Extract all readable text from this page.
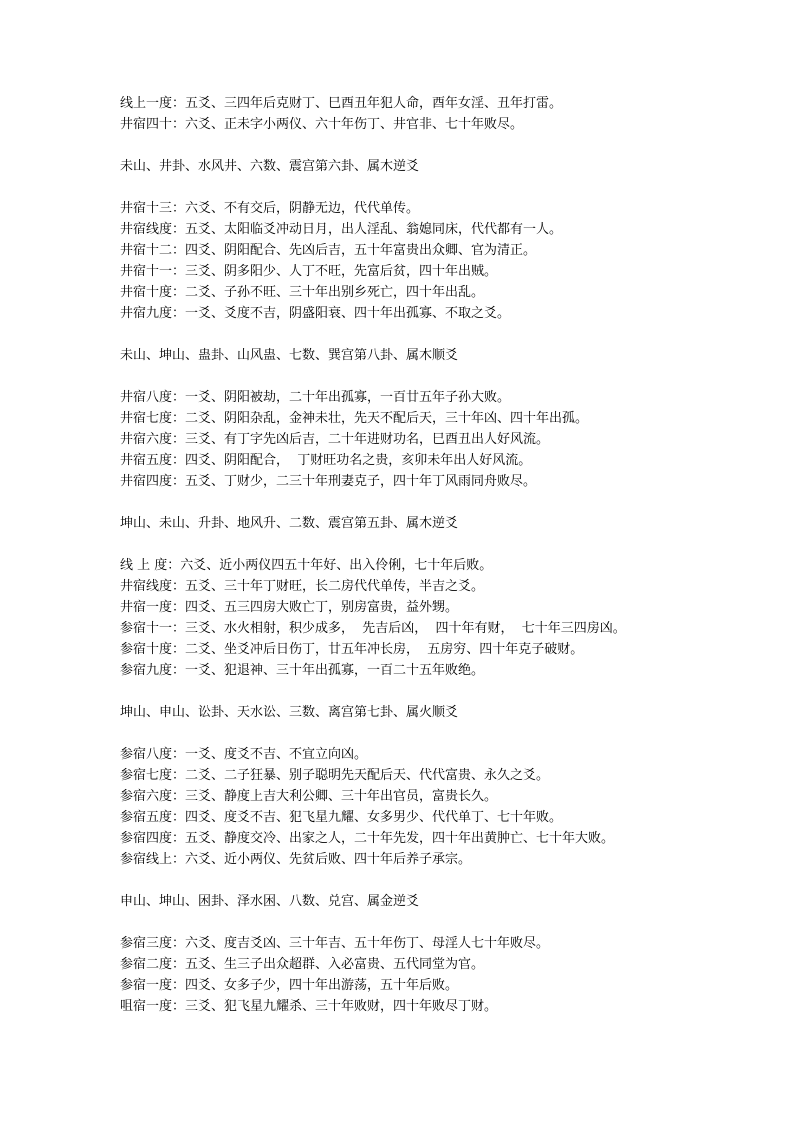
线上一度：五爻、三四年后克财丁、巳酉丑年犯人命，酉年女淫、丑年打雷。
井宿四十：六爻、正未字小两仪、六十年伤丁、井官非、七十年败尽。
未山、井卦、水风井、六数、震宫第六卦、属木逆爻
井宿十三：六爻、不有交后，阴静无边，代代单传。
井宿线度：五爻、太阳临爻冲动日月，出人淫乱、翁媳同床，代代都有一人。
井宿十二：四爻、阴阳配合、先凶后吉，五十年富贵出众卿、官为清正。
井宿十一：三爻、阴多阳少、人丁不旺，先富后贫，四十年出贼。
井宿十度：二爻、子孙不旺、三十年出别乡死亡，四十年出乱。
井宿九度：一爻、爻度不吉，阴盛阳衰、四十年出孤寡、不取之爻。
未山、坤山、蛊卦、山风蛊、七数、巽宫第八卦、属木顺爻
井宿八度：一爻、阴阳被劫，二十年出孤寡，一百廿五年子孙大败。
井宿七度：二爻、阴阳杂乱，金神未壮，先天不配后天，三十年凶、四十年出孤。
井宿六度：三爻、有丁字先凶后吉，二十年进财功名，巳酉丑出人好风流。
井宿五度：四爻、阴阳配合，  丁财旺功名之贵，亥卯未年出人好风流。
井宿四度：五爻、丁财少，二三十年刑妻克子，四十年丁风雨同舟败尽。
坤山、未山、升卦、地风升、二数、震宫第五卦、属木逆爻
线 上 度：六爻、近小两仪四五十年好、出入伶俐，七十年后败。
井宿线度：五爻、三十年丁财旺，长二房代代单传，半吉之爻。
井宿一度：四爻、五三四房大败亡丁，别房富贵，益外甥。
参宿十一：三爻、水火相射，积少成多，  先吉后凶，  四十年有财，  七十年三四房凶。
参宿十度：二爻、坐爻冲后日伤丁，廿五年冲长房，  五房穷、四十年克子破财。
参宿九度：一爻、犯退神、三十年出孤寡，一百二十五年败绝。
坤山、申山、讼卦、天水讼、三数、离宫第七卦、属火顺爻
参宿八度：一爻、度爻不吉、不宜立向凶。
参宿七度：二爻、二子狂暴、别子聪明先天配后天、代代富贵、永久之爻。
参宿六度：三爻、静度上吉大利公卿、三十年出官员，富贵长久。
参宿五度：四爻、度爻不吉、犯飞星九耀、女多男少、代代单丁、七十年败。
参宿四度：五爻、静度交冷、出家之人，二十年先发，四十年出黄肿亡、七十年大败。
参宿线上：六爻、近小两仪、先贫后败、四十年后养子承宗。
申山、坤山、困卦、泽水困、八数、兑宫、属金逆爻
参宿三度：六爻、度吉爻凶、三十年吉、五十年伤丁、母淫人七十年败尽。
参宿二度：五爻、生三子出众超群、入必富贵、五代同堂为官。
参宿一度：四爻、女多子少，四十年出游荡，五十年后败。
咀宿一度：三爻、犯飞星九耀杀、三十年败财，四十年败尽丁财。
